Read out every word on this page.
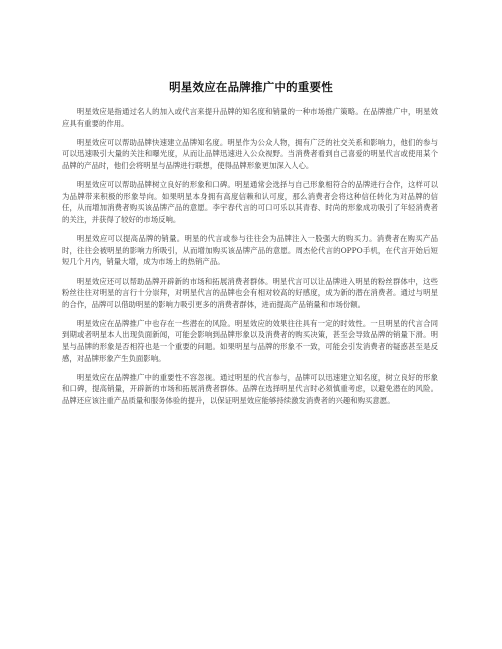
明星效应在品牌推广中的重要性

明星效应是指通过名人的加入或代言来提升品牌的知名度和销量的一种市场推广策略。在品牌推广中，明星效应具有重要的作用。

明星效应可以帮助品牌快速建立品牌知名度。明星作为公众人物，拥有广泛的社交关系和影响力，他们的参与可以迅速吸引大量的关注和曝光度，从而让品牌迅速进入公众视野。当消费者看到自己喜爱的明星代言或使用某个品牌的产品时，他们会将明星与品牌进行联想，使得品牌形象更加深入人心。

明星效应可以帮助品牌树立良好的形象和口碑。明星通常会选择与自己形象相符合的品牌进行合作，这样可以为品牌带来积极的形象导向。如果明星本身拥有高度信赖和认可度，那么消费者会将这种信任转化为对品牌的信任，从而增加消费者购买该品牌产品的意愿。李宇春代言的可口可乐以其青春、时尚的形象成功吸引了年轻消费者的关注，并获得了较好的市场反响。

明星效应可以提高品牌的销量。明星的代言或参与往往会为品牌注入一股强大的购买力。消费者在购买产品时，往往会被明星的影响力所吸引，从而增加购买该品牌产品的意愿。周杰伦代言的OPPO手机，在代言开始后短短几个月内，销量大增，成为市场上的热销产品。

明星效应还可以帮助品牌开辟新的市场和拓展消费者群体。明星代言可以让品牌进入明星的粉丝群体中，这些粉丝往往对明星的言行十分崇拜，对明星代言的品牌也会有相对较高的好感度，成为新的潜在消费者。通过与明星的合作，品牌可以借助明星的影响力吸引更多的消费者群体，进而提高产品销量和市场份额。

明星效应在品牌推广中也存在一些潜在的风险。明星效应的效果往往具有一定的时效性。一旦明星的代言合同到期或者明星本人出现负面新闻，可能会影响到品牌形象以及消费者的购买决策，甚至会导致品牌的销量下滑。明星与品牌的形象是否相符也是一个重要的问题。如果明星与品牌的形象不一致，可能会引发消费者的疑惑甚至是反感，对品牌形象产生负面影响。

明星效应在品牌推广中的重要性不容忽视。通过明星的代言参与，品牌可以迅速建立知名度，树立良好的形象和口碑，提高销量，开辟新的市场和拓展消费者群体。品牌在选择明星代言时必须慎重考虑，以避免潜在的风险。品牌还应该注重产品质量和服务体验的提升，以保证明星效应能够持续激发消费者的兴趣和购买意愿。
